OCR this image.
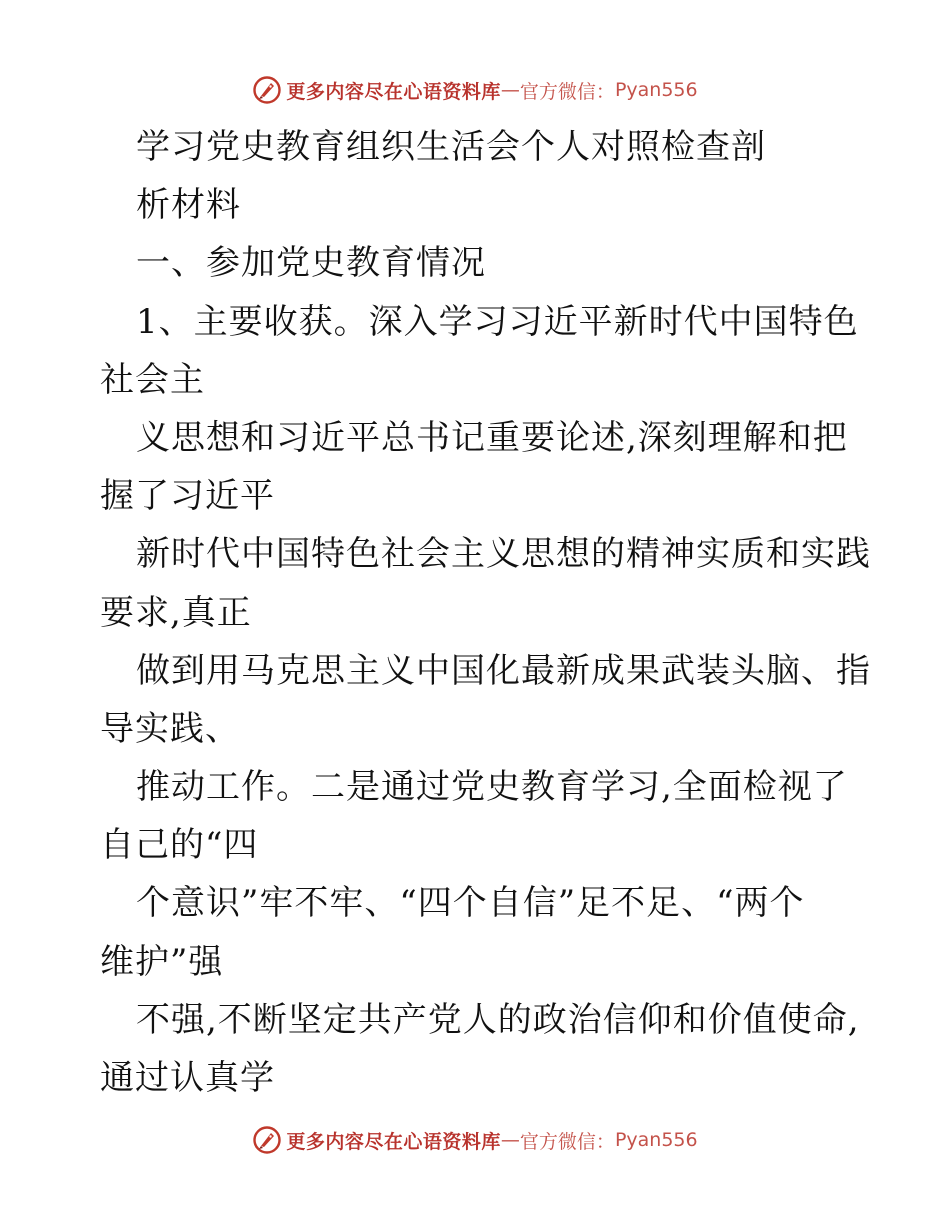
更多内容尽在心语资料库 — 官方微信： Pyan556
学习党史教育组织生活会个人对照检查剖
析材料
一、参加党史教育情况
1、主要收获。深入学习习近平新时代中国特色
社会主
义思想和习近平总书记重要论述,深刻理解和把
握了习近平
新时代中国特色社会主义思想的精神实质和实践
要求,真正
做到用马克思主义中国化最新成果武装头脑、指
导实践、
推动工作。二是通过党史教育学习,全面检视了
自己的“四
个意识”牢不牢、“四个自信”足不足、“两个
维护”强
不强,不断坚定共产党人的政治信仰和价值使命,
通过认真学
更多内容尽在心语资料库 — 官方微信： Pyan556
